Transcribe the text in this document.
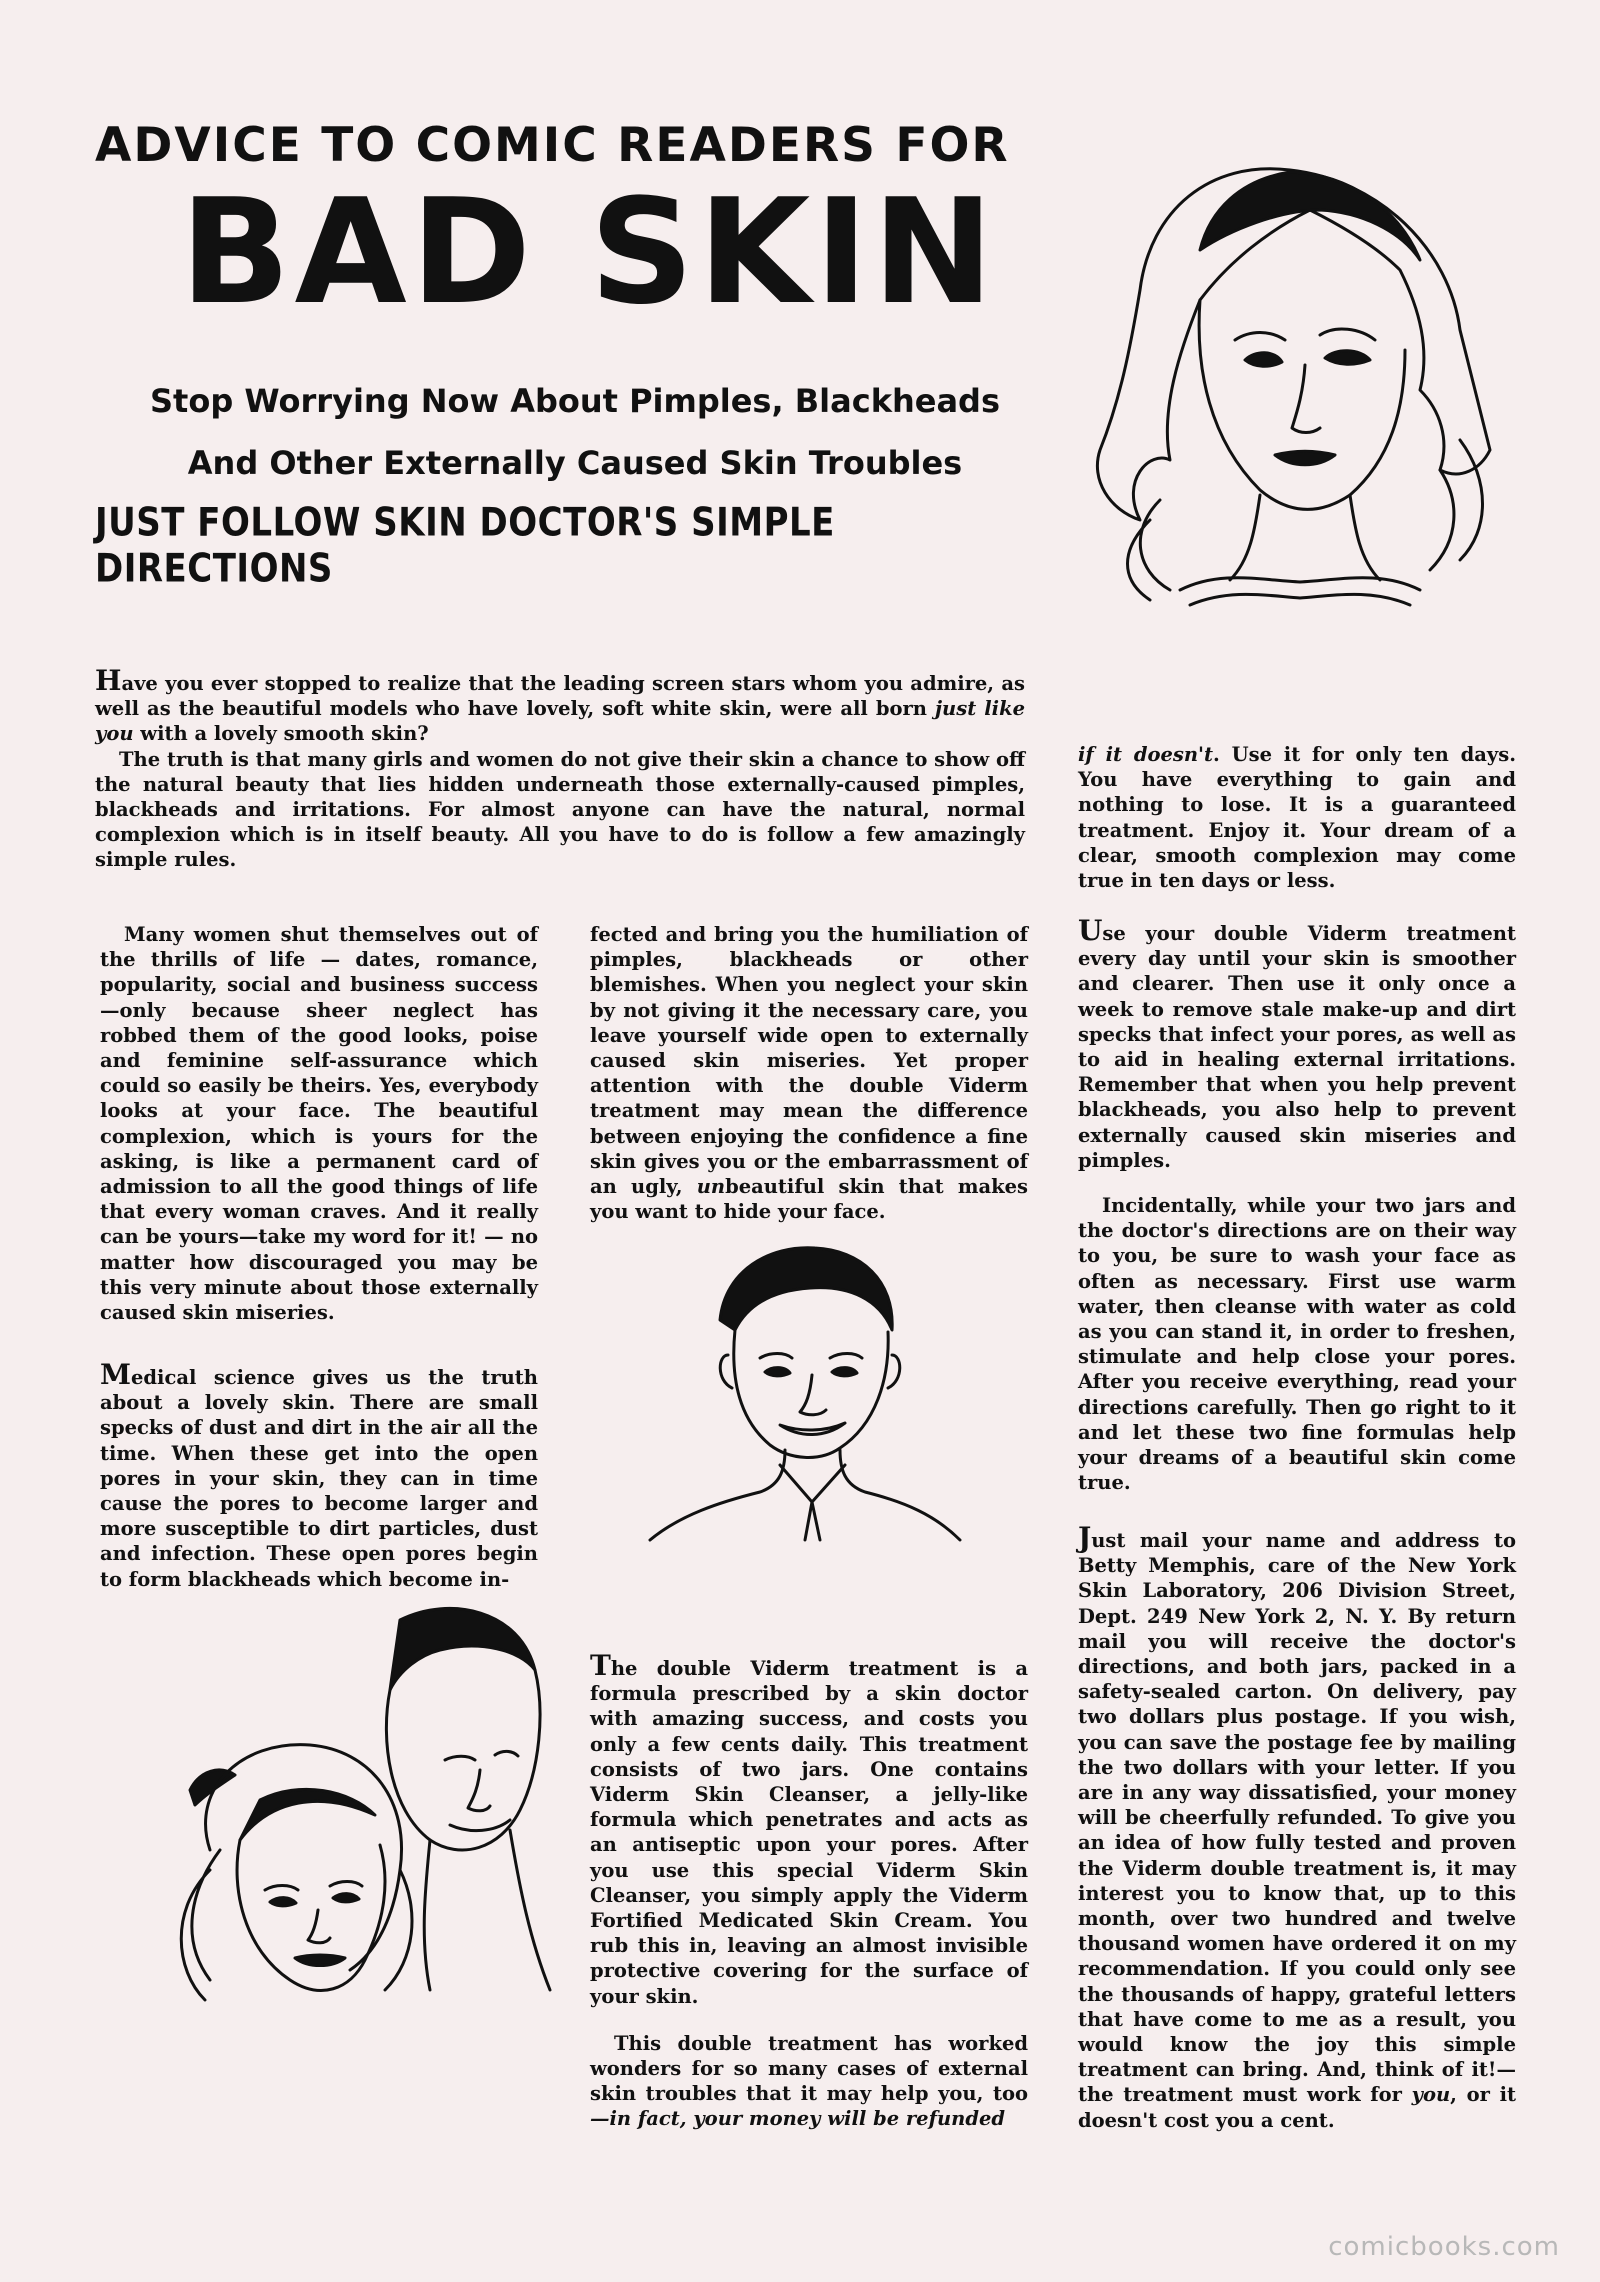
ADVICE TO COMIC READERS FOR
BAD SKIN
Stop Worrying Now About Pimples, Blackheads
And Other Externally Caused Skin Troubles
JUST FOLLOW SKIN DOCTOR'S SIMPLE DIRECTIONS

Have you ever stopped to realize that the leading screen stars whom you admire, as well as the beautiful models who have lovely, soft white skin, were all born just like you with a lovely smooth skin?

The truth is that many girls and women do not give their skin a chance to show off the natural beauty that lies hidden underneath those externally-caused pimples, blackheads and irritations. For almost anyone can have the natural, normal complexion which is in itself beauty. All you have to do is follow a few amazingly simple rules.

Many women shut themselves out of the thrills of life — dates, romance, popularity, social and business success —only because sheer neglect has robbed them of the good looks, poise and feminine self-assurance which could so easily be theirs. Yes, everybody looks at your face. The beautiful complexion, which is yours for the asking, is like a permanent card of admission to all the good things of life that every woman craves. And it really can be yours—take my word for it! — no matter how discouraged you may be this very minute about those externally caused skin miseries.
Medical science gives us the truth about a lovely skin. There are small specks of dust and dirt in the air all the time. When these get into the open pores in your skin, they can in time cause the pores to become larger and more susceptible to dirt particles, dust and infection. These open pores begin to form blackheads which become in-
fected and bring you the humiliation of pimples, blackheads or other blemishes. When you neglect your skin by not giving it the necessary care, you leave yourself wide open to externally caused skin miseries. Yet proper attention with the double Viderm treatment may mean the difference between enjoying the confidence a fine skin gives you or the embarrassment of an ugly, unbeautiful skin that makes you want to hide your face.

The double Viderm treatment is a formula prescribed by a skin doctor with amazing success, and costs you only a few cents daily. This treatment consists of two jars. One contains Viderm Skin Cleanser, a jelly-like formula which penetrates and acts as an antiseptic upon your pores. After you use this special Viderm Skin Cleanser, you simply apply the Viderm Fortified Medicated Skin Cream. You rub this in, leaving an almost invisible protective covering for the surface of your skin.

This double treatment has worked wonders for so many cases of external skin troubles that it may help you, too —in fact, your money will be refunded

if it doesn't. Use it for only ten days. You have everything to gain and nothing to lose. It is a guaranteed treatment. Enjoy it. Your dream of a clear, smooth complexion may come true in ten days or less.
Use your double Viderm treatment every day until your skin is smoother and clearer. Then use it only once a week to remove stale make-up and dirt specks that infect your pores, as well as to aid in healing external irritations. Remember that when you help prevent blackheads, you also help to prevent externally caused skin miseries and pimples.
Incidentally, while your two jars and the doctor's directions are on their way to you, be sure to wash your face as often as necessary. First use warm water, then cleanse with water as cold as you can stand it, in order to freshen, stimulate and help close your pores. After you receive everything, read your directions carefully. Then go right to it and let these two fine formulas help your dreams of a beautiful skin come true.
Just mail your name and address to Betty Memphis, care of the New York Skin Laboratory, 206 Division Street, Dept. 249 New York 2, N. Y. By return mail you will receive the doctor's directions, and both jars, packed in a safety-sealed carton. On delivery, pay two dollars plus postage. If you wish, you can save the postage fee by mailing the two dollars with your letter. If you are in any way dissatisfied, your money will be cheerfully refunded. To give you an idea of how fully tested and proven the Viderm double treatment is, it may interest you to know that, up to this month, over two hundred and twelve thousand women have ordered it on my recommendation. If you could only see the thousands of happy, grateful letters that have come to me as a result, you would know the joy this simple treatment can bring. And, think of it!— the treatment must work for you, or it doesn't cost you a cent.
comicbooks.com
